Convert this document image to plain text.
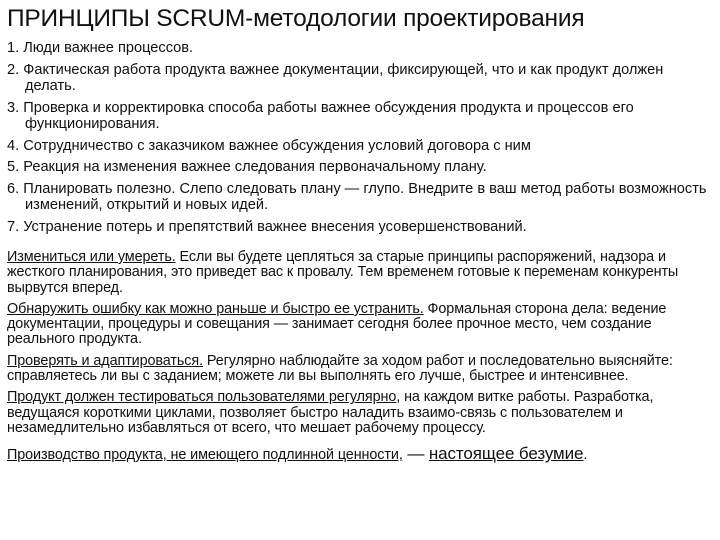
ПРИНЦИПЫ SCRUM-методологии проектирования
1. Люди важнее процессов.
2. Фактическая работа продукта важнее документации, фиксирующей, что и как продукт должен делать.
3. Проверка и корректировка способа работы важнее обсуждения продукта и процессов его функционирования.
4. Сотрудничество с заказчиком важнее обсуждения условий договора с ним
5. Реакция на изменения важнее следования первоначальному плану.
6. Планировать полезно. Слепо следовать плану — глупо. Внедрите в ваш метод работы возможность изменений, открытий и новых идей.
7. Устранение потерь и препятствий важнее внесения усовершенствований.

Измениться или умереть. Если вы будете цепляться за старые принципы распоряжений, надзора и жесткого планирования, это приведет вас к провалу. Тем временем готовые к переменам конкуренты вырвутся вперед.

Обнаружить ошибку как можно раньше и быстро ее устранить. Формальная сторона дела: ведение документации, процедуры и совещания — занимает сегодня более прочное место, чем создание реального продукта.

Проверять и адаптироваться. Регулярно наблюдайте за ходом работ и последовательно выясняйте: справляетесь ли вы с заданием; можете ли вы выполнять его лучше, быстрее и интенсивнее.

Продукт должен тестироваться пользователями регулярно, на каждом витке работы. Разработка, ведущаяся короткими циклами, позволяет быстро наладить взаимо-связь с пользователем и незамедлительно избавляться от всего, что мешает рабочему процессу.

Производство продукта, не имеющего подлинной ценности, — настоящее безумие.
